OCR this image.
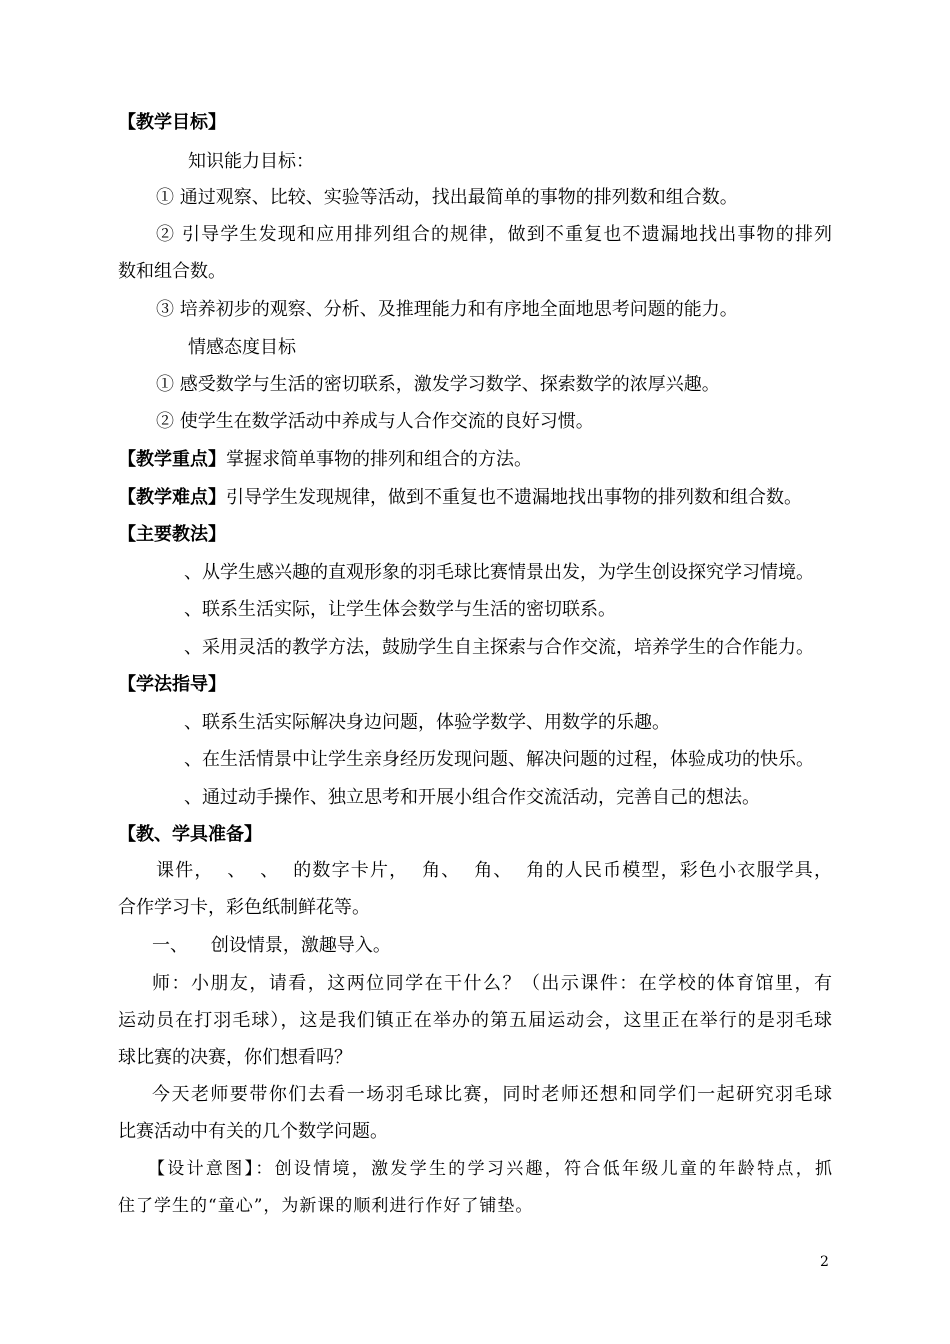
【教学目标】
知识能力目标：
① 通过观察、比较、实验等活动，找出最简单的事物的排列数和组合数。
② 引导学生发现和应用排列组合的规律，做到不重复也不遗漏地找出事物的排列
数和组合数。
③ 培养初步的观察、分析、及推理能力和有序地全面地思考问题的能力。
情感态度目标
① 感受数学与生活的密切联系，激发学习数学、探索数学的浓厚兴趣。
② 使学生在数学活动中养成与人合作交流的良好习惯。
【教学重点】掌握求简单事物的排列和组合的方法。
【教学难点】引导学生发现规律，做到不重复也不遗漏地找出事物的排列数和组合数。
【主要教法】
、从学生感兴趣的直观形象的羽毛球比赛情景出发，为学生创设探究学习情境。
、联系生活实际，让学生体会数学与生活的密切联系。
、采用灵活的教学方法，鼓励学生自主探索与合作交流，培养学生的合作能力。
【学法指导】
、联系生活实际解决身边问题，体验学数学、用数学的乐趣。
、在生活情景中让学生亲身经历发现问题、解决问题的过程，体验成功的快乐。
、通过动手操作、独立思考和开展小组合作交流活动，完善自己的想法。
【教、学具准备】
课件，  、  、  的数字卡片，  角、  角、  角的人民币模型，彩色小衣服学具，
合作学习卡，彩色纸制鲜花等。
一、    创设情景，激趣导入。
师：小朋友，请看，这两位同学在干什么？（出示课件：在学校的体育馆里，有
运动员在打羽毛球），这是我们镇正在举办的第五届运动会，这里正在举行的是羽毛球
球比赛的决赛，你们想看吗？
今天老师要带你们去看一场羽毛球比赛，同时老师还想和同学们一起研究羽毛球
比赛活动中有关的几个数学问题。
【设计意图】：创设情境，激发学生的学习兴趣，符合低年级儿童的年龄特点，抓
住了学生的“童心”，为新课的顺利进行作好了铺垫。
2
